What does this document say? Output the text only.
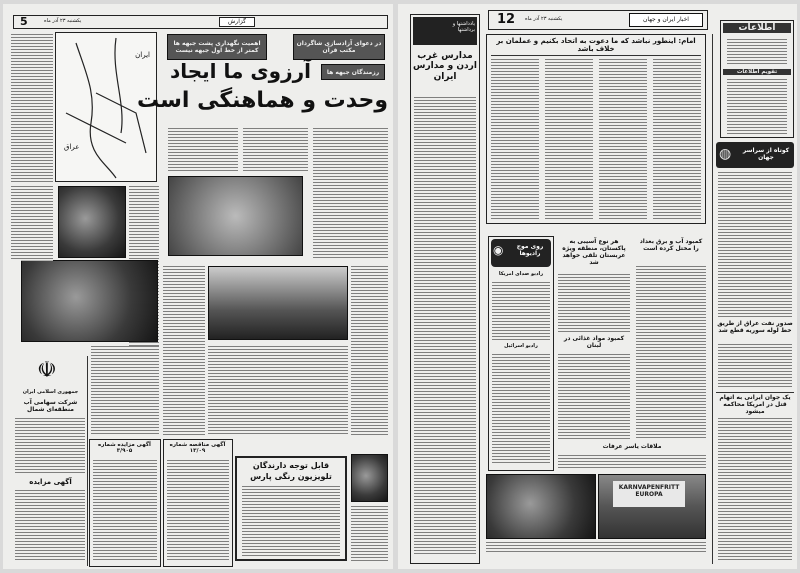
5	یکشنبه ۲۳ آذر ماه	گزارش
ایران
عراق
اهمیت نگهداری پشت جبهه ها کمتر از خط اول جبهه نیست
در دعوای آزادسازی شاگردان مکتب قرآن
رزمندگان جبهه ها
آرزوی ما ایجاد
وحدت و هماهنگی است
☫
جمهوری اسلامی ایران
شرکت سهامی آب منطقه‌ای شمال
آگهی مزایده
آگهی مزایده شماره ۳/۹۰۵
آگهی مناقصه شماره ۱۳/۰۹
قابل توجه دارندگان
تلویزیون رنگی پارس
12 یکشنبه ۲۳ آذر ماه	اخبار ایران و جهان
یادداشتها و برداشتها
مدارس غرب اردن و مدارس ایران
امام: اینطور نباشد که ما دعوت به اتحاد بکنیم و عملمان بر خلاف باشد
◉	روی موج رادیوها
رادیو صدای امریکا
رادیو اسرائیل
هر نوع آسیبی به پاکستان، منطقه ویژه عربستان تلقی خواهد شد
کمبود مواد غذائی در لبنان
کمبود آب و برق بغداد را مختل کرده است
ملاقات یاسر عرفات
KARNVAPENFRITT EUROPA
اطلاعات
تقویم اطلاعات
◍	کوتاه از سراسر جهان
صدور نفت عراق از طریق خط لوله سوریه قطع شد
یک جوان ایرانی به اتهام قتل در امریکا محاکمه میشود
